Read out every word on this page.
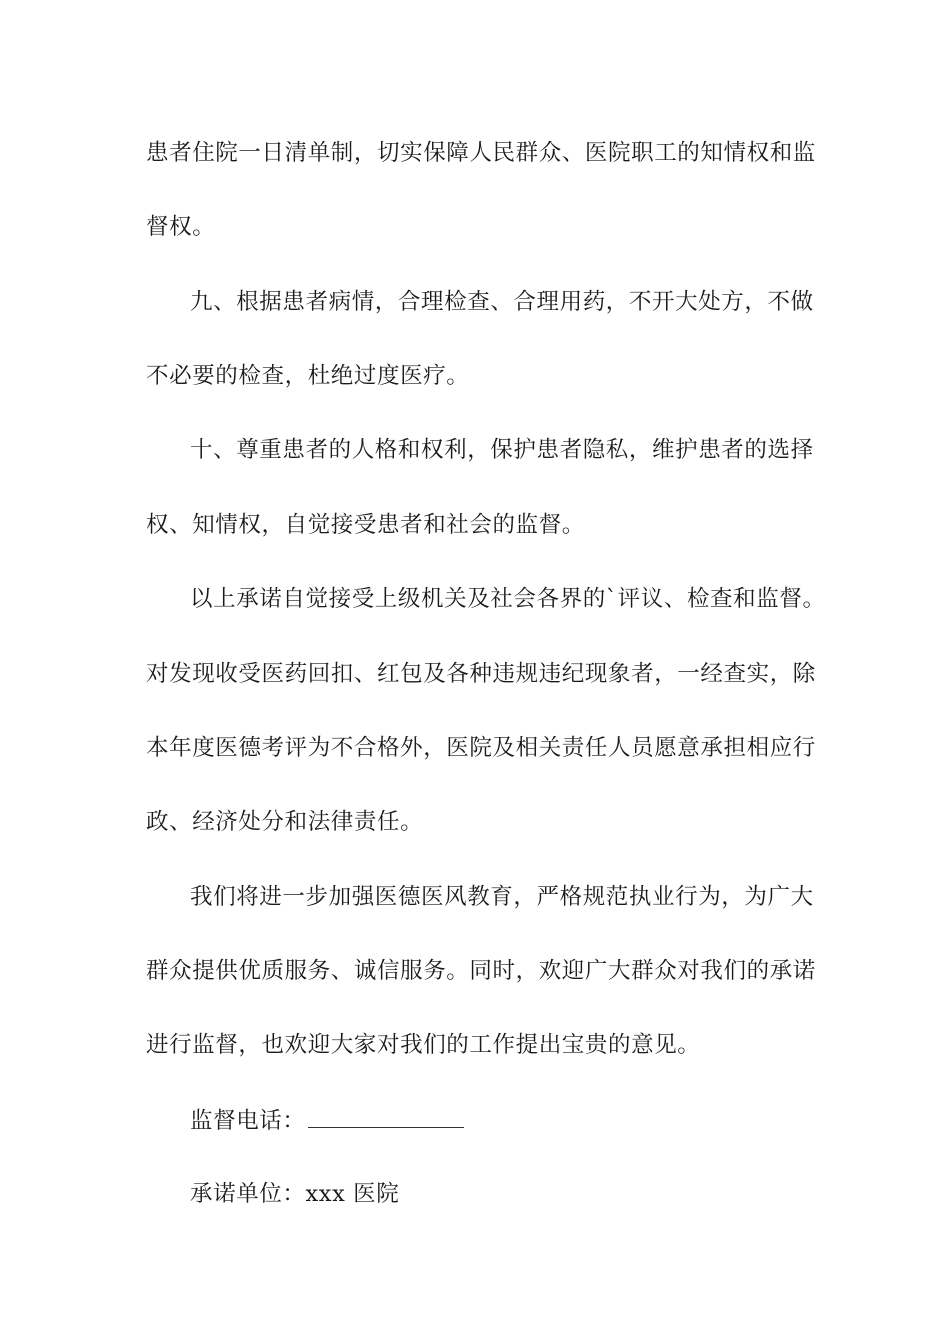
患者住院一日清单制，切实保障人民群众、医院职工的知情权和监
督权。
九、根据患者病情，合理检查、合理用药，不开大处方，不做
不必要的检查，杜绝过度医疗。
十、尊重患者的人格和权利，保护患者隐私，维护患者的选择
权、知情权，自觉接受患者和社会的监督。
以上承诺自觉接受上级机关及社会各界的`评议、检查和监督。
对发现收受医药回扣、红包及各种违规违纪现象者，一经查实，除
本年度医德考评为不合格外，医院及相关责任人员愿意承担相应行
政、经济处分和法律责任。
我们将进一步加强医德医风教育，严格规范执业行为，为广大
群众提供优质服务、诚信服务。同时，欢迎广大群众对我们的承诺
进行监督，也欢迎大家对我们的工作提出宝贵的意见。
监督电话：
承诺单位：xxx 医院
